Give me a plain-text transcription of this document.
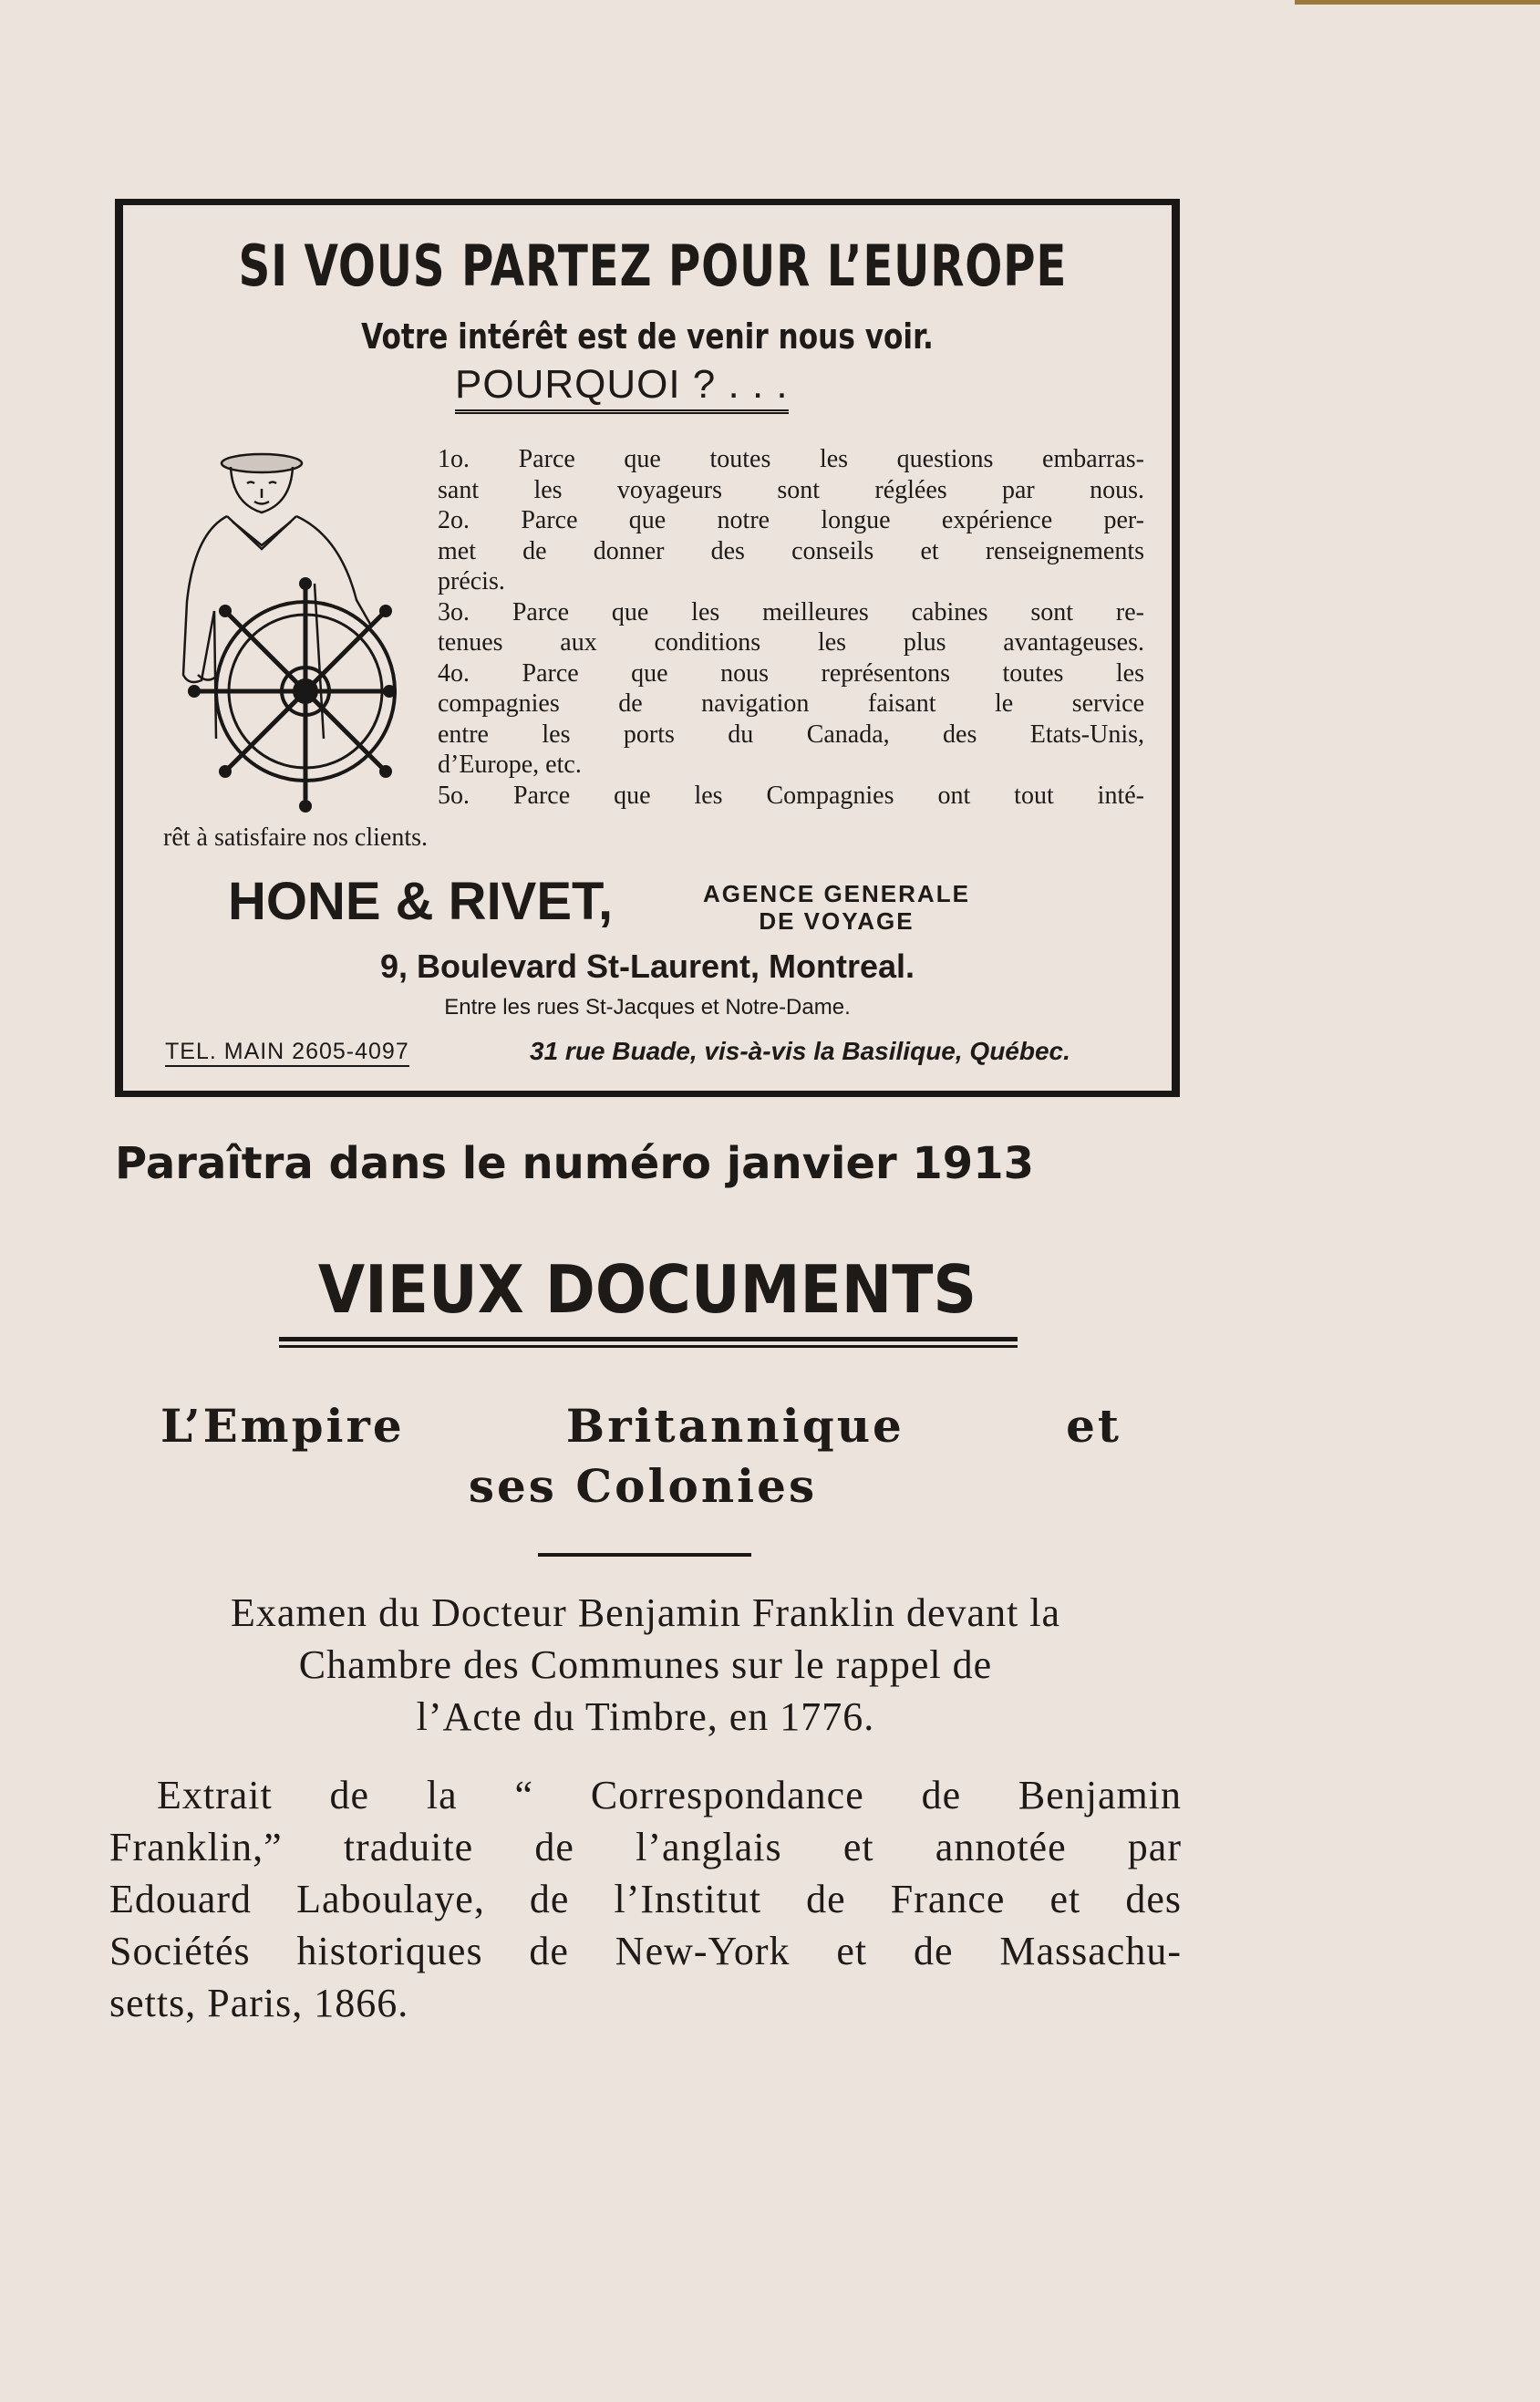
SI VOUS PARTEZ POUR L’EUROPE
Votre intérêt est de venir nous voir.
POURQUOI ? . . .

1o. Parce que toutes les questions embarras-

sant les voyageurs sont réglées par nous.

2o. Parce que notre longue expérience per-

met de donner des conseils et renseignements

précis.

3o. Parce que les meilleures cabines sont re-

tenues aux conditions les plus avantageuses.

4o. Parce que nous représentons toutes les

compagnies de navigation faisant le service

entre les ports du Canada, des Etats-Unis,

d’Europe, etc.

5o. Parce que les Compagnies ont tout inté-

rêt à satisfaire nos clients.
HONE & RIVET,	AGENCE GENERALE
DE VOYAGE
9, Boulevard St-Laurent, Montreal.
Entre les rues St-Jacques et Notre-Dame.
TEL. MAIN 2605-4097	31 rue Buade, vis-à-vis la Basilique, Québec.
Paraîtra dans le numéro janvier 1913
VIEUX DOCUMENTS
L’Empire Britannique et
ses Colonies
Examen du Docteur Benjamin Franklin devant la
Chambre des Communes sur le rappel de
l’Acte du Timbre, en 1776.
Extrait de la “ Correspondance de Benjamin
Franklin,” traduite de l’anglais et annotée par
Edouard Laboulaye, de l’Institut de France et des
Sociétés historiques de New-York et de Massachu-
setts, Paris, 1866.
